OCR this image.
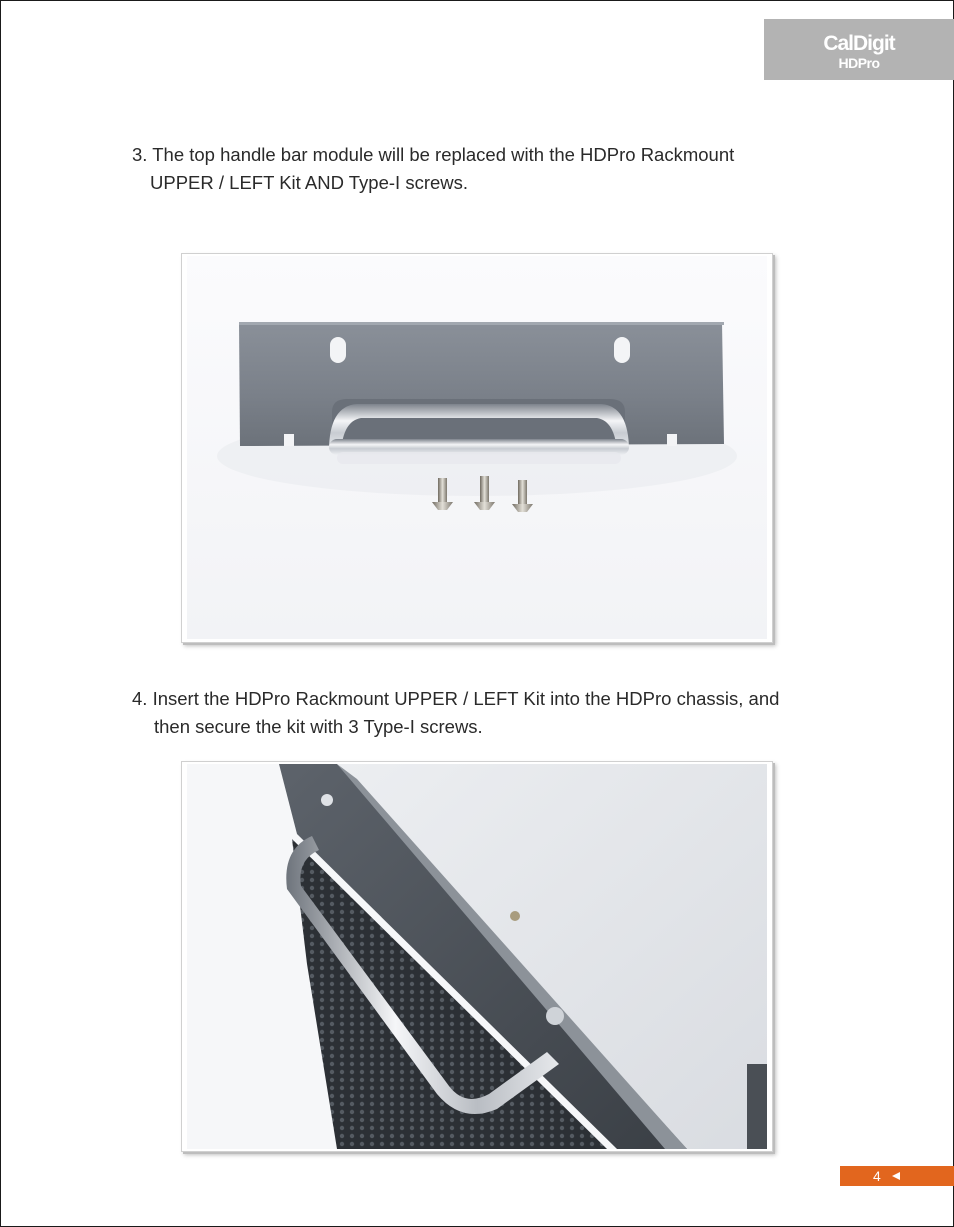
CalDigit
HDPro
3. The top handle bar module will be replaced with the HDPro Rackmount
UPPER / LEFT Kit AND Type-I screws.
4. Insert the HDPro Rackmount UPPER / LEFT Kit into the HDPro chassis, and
then secure the kit with 3 Type-I screws.
4
